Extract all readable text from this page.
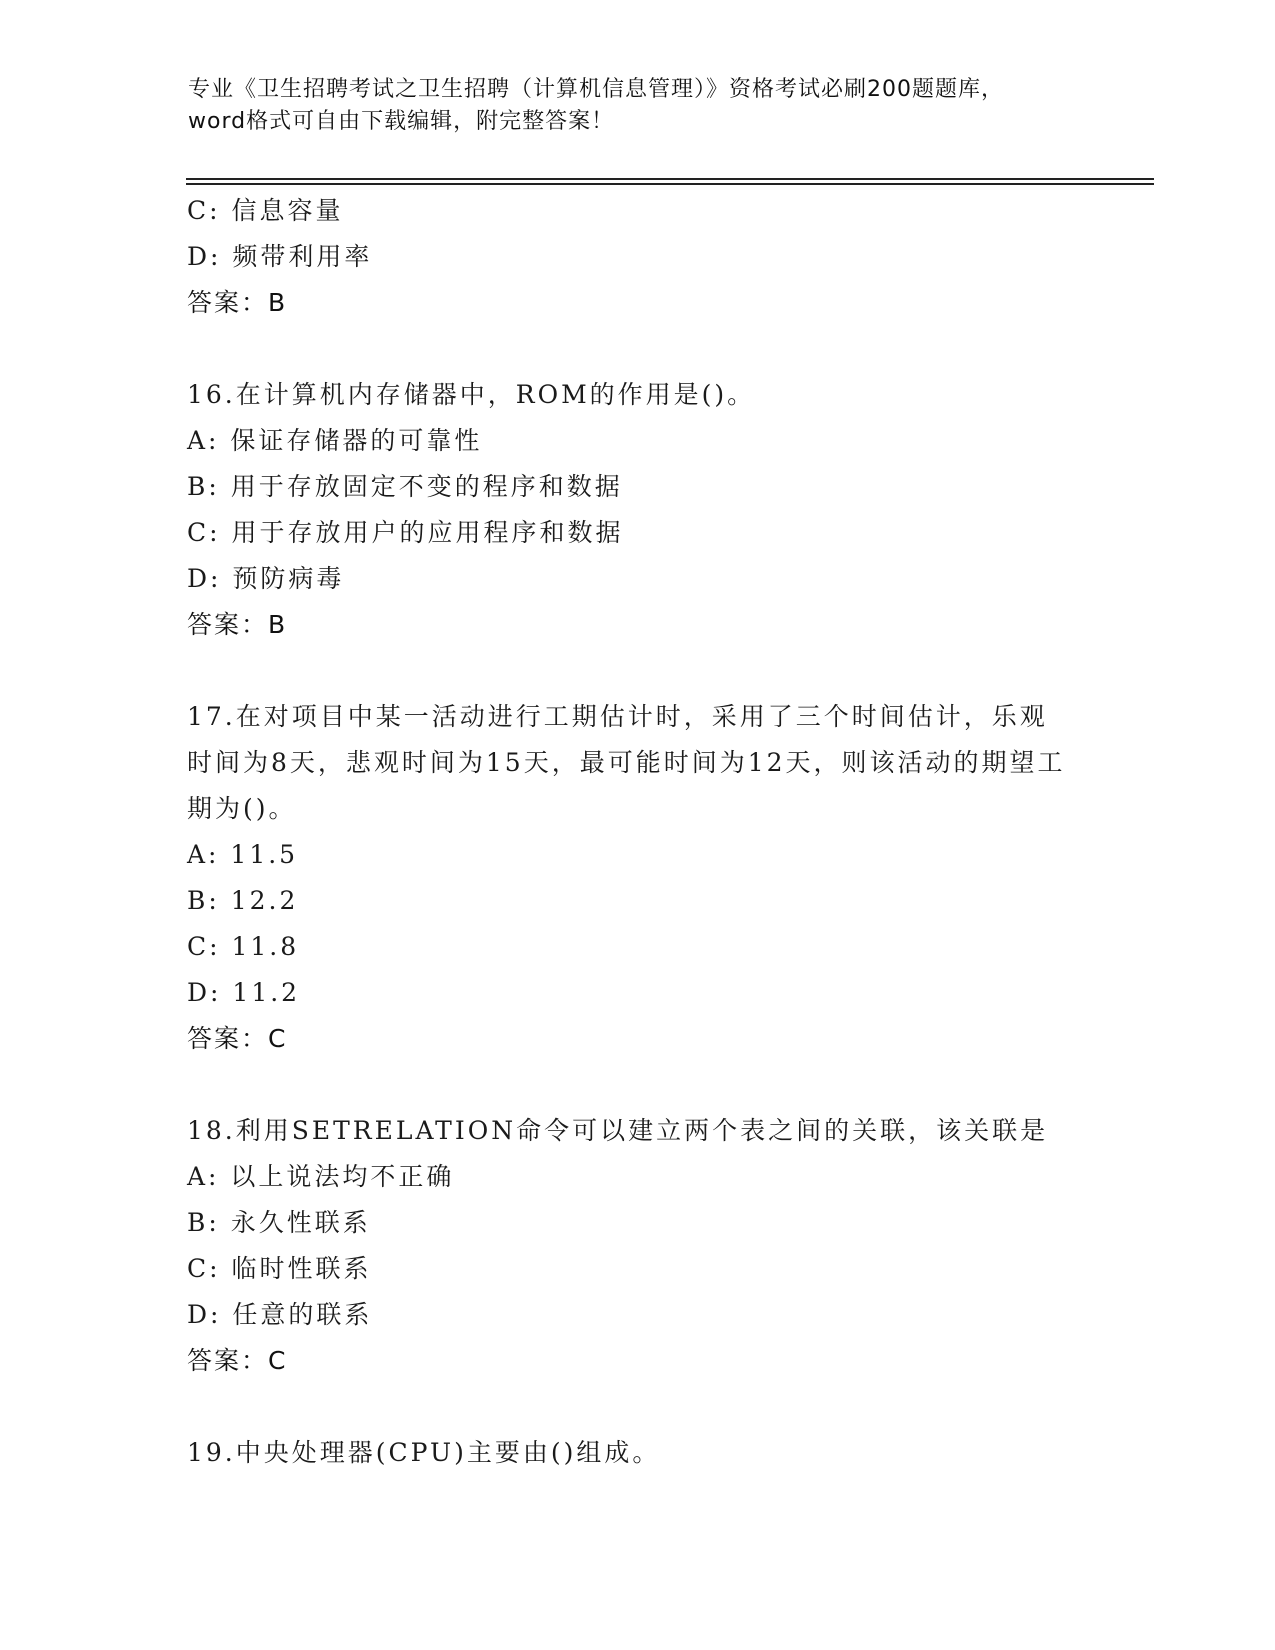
专业《卫生招聘考试之卫生招聘（计算机信息管理）》资格考试必刷200题题库，
word格式可自由下载编辑，附完整答案！
C: 信息容量
D: 频带利用率
答案：B
16.在计算机内存储器中，ROM的作用是()。
A: 保证存储器的可靠性
B: 用于存放固定不变的程序和数据
C: 用于存放用户的应用程序和数据
D: 预防病毒
答案：B
17.在对项目中某一活动进行工期估计时，采用了三个时间估计，乐观时间为8天，悲观时间为15天，最可能时间为12天，则该活动的期望工期为()。
A: 11.5
B: 12.2
C: 11.8
D: 11.2
答案：C
18.利用SETRELATION命令可以建立两个表之间的关联，该关联是
A: 以上说法均不正确
B: 永久性联系
C: 临时性联系
D: 任意的联系
答案：C
19.中央处理器(CPU)主要由()组成。
